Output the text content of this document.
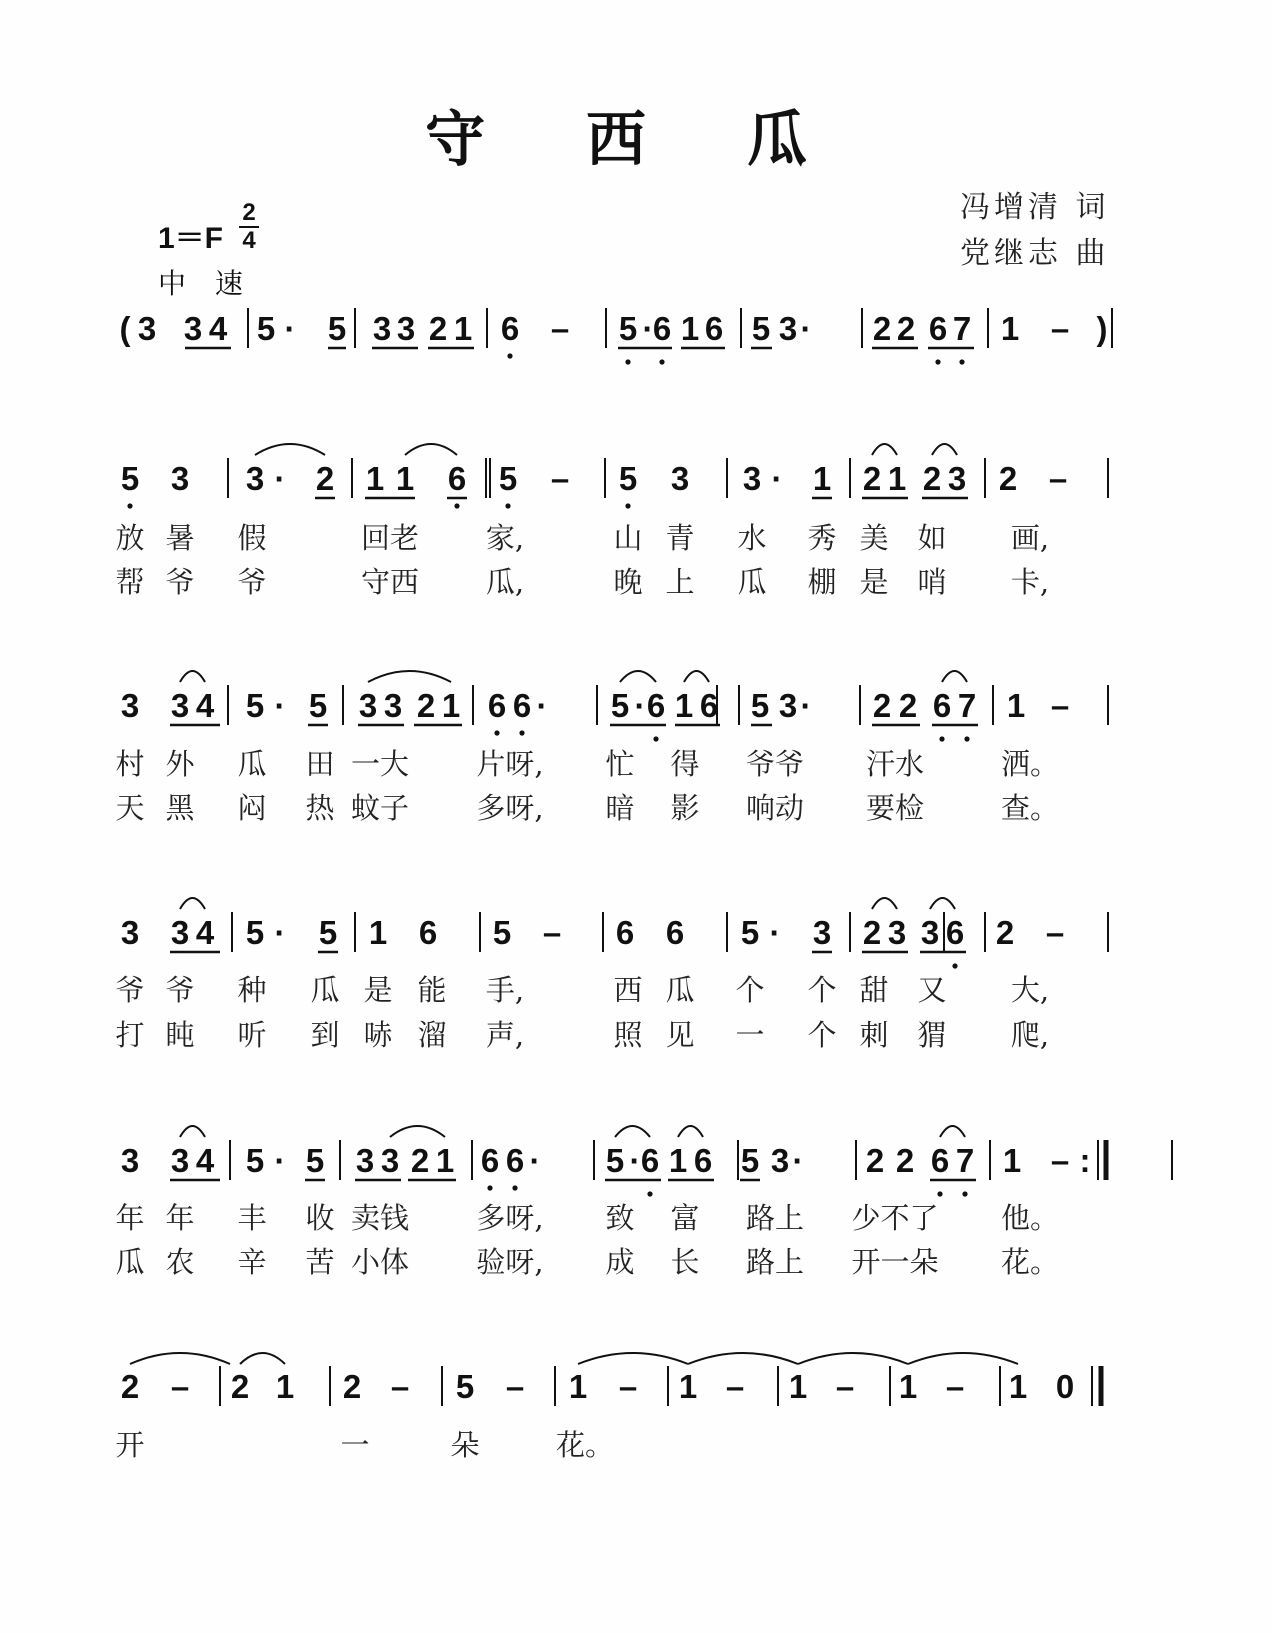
守 西 瓜
1＝F
2
4
中 速
冯增清 词
党继志 曲
3 3 4 5 · 5 3 3 2 1 6 – 5 · 6 1 6 5 3 · 2 2 6 7 1 –
(	)
5 3 3 · 2 1 1 6 5 – 5 3 3 · 1 2 1 2 3 2 –
3 3 4 5 · 5 3 3 2 1 6 6 · 5 · 6 1 6 5 3 · 2 2 6 7 1 –
3 3 4 5 · 5 1 6 5 – 6 6 5 · 3 2 3 3 6 2 –
3 3 4 5 · 5 3 3 2 1 6 6 · 5 · 6 1 6 5 3 · 2 2 6 7 1 – :
2 – 2 1 2 – 5 – 1 – 1 – 1 – 1 – 1 0
放 暑 假	回老 家,	山 青 水 秀 美 如 画,
帮 爷 爷	守西 瓜,	晚 上 瓜 棚 是 哨 卡,
村 外 瓜 田 一大 片呀, 忙 得 爷爷 汗水	洒。
天 黑 闷 热 蚊子 多呀, 暗 影 响动 要检	查。
爷 爷 种 瓜 是 能 手,	西 瓜 个 个 甜 又 大,
打 盹 听 到 哧 溜 声,	照 见 一 个 刺 猬 爬,
年 年 丰 收 卖钱 多呀, 致 富 路上 少不了 他。
瓜 农 辛 苦 小体 验呀, 成 长 路上 开一朵 花。
开	一	朵	花。
